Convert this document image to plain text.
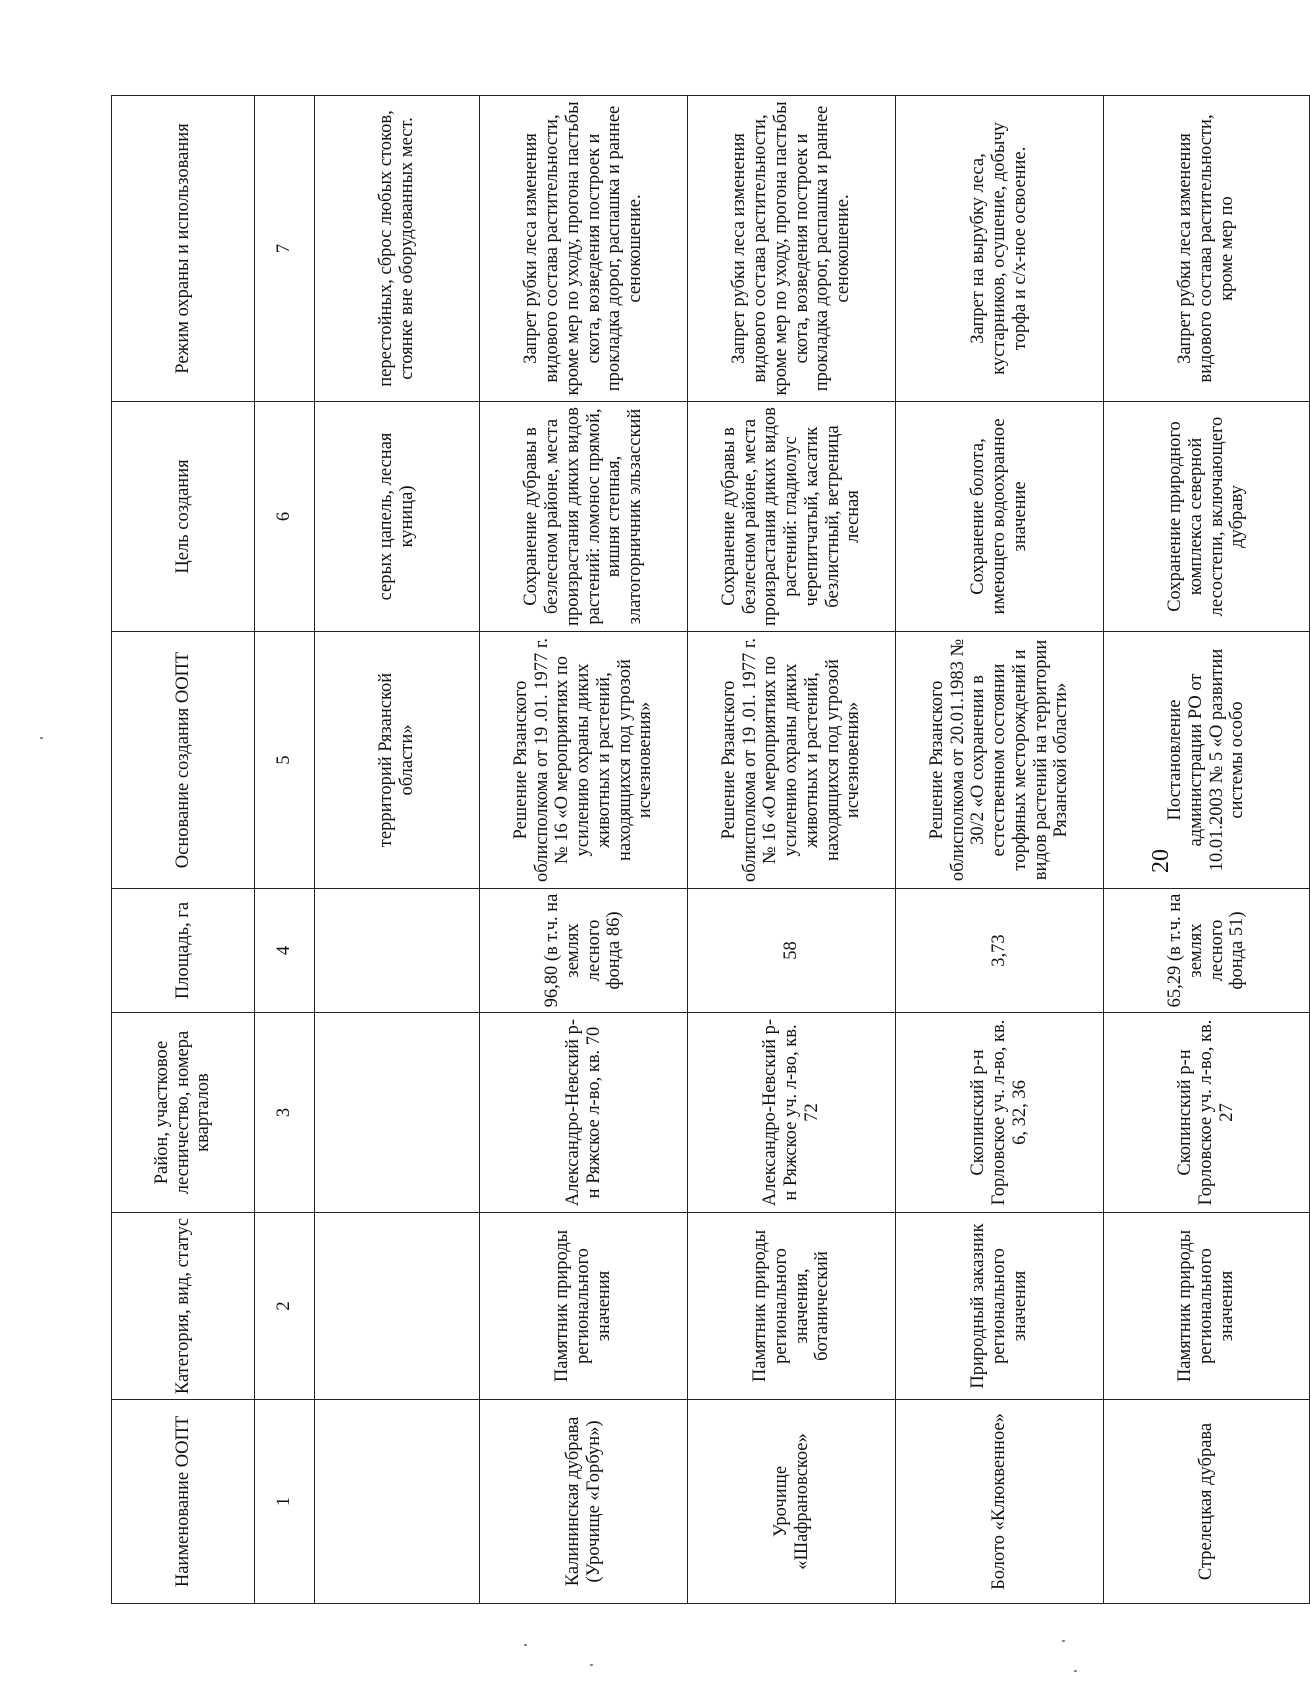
Наименование ООПТ	Категория, вид, статус	Район, участковое лесничество, номера кварталов	Площадь, га	Основание создания ООПТ	Цель создания	Режим охраны и использования
1	2	3	4	5	6	7
				территорий Рязанской области»	серых цапель, лесная куница)	перестойных, сброс любых стоков, стоянке вне оборудованных мест.
Калининская дубрава (Урочище «Горбун»)	Памятник природы регионального значения	Александро-Невский р-н Ряжское л-во, кв. 70	96,80 (в т.ч. на землях лесного фонда 86)	Решение Рязанского облисполкома от 19 .01. 1977 г. № 16 «О мероприятиях по усилению охраны диких животных и растений, находящихся под угрозой исчезновения»	Сохранение дубравы в безлесном районе, места произрастания диких видов растений: ломонос прямой, вишня степная, златогорничник эльзасский	Запрет рубки леса изменения видового состава растительности, кроме мер по уходу, прогона пастьбы скота, возведения построек и прокладка дорог, распашка и раннее сенокошение.
Урочище «Шафрановское»	Памятник природы регионального значения, ботанический	Александро-Невский р-н Ряжское уч. л-во, кв. 72	58	Решение Рязанского облисполкома от 19 .01. 1977 г. № 16 «О мероприятиях по усилению охраны диких животных и растений, находящихся под угрозой исчезновения»	Сохранение дубравы в безлесном районе, места произрастания диких видов растений: гладиолус черепитчатый, касатик безлистный, ветреница лесная	Запрет рубки леса изменения видового состава растительности, кроме мер по уходу, прогона пастьбы скота, возведения построек и прокладка дорог, распашка и раннее сенокошение.
Болото «Клюквенное»	Природный заказник регионального значения	Скопинский р-н Горловское уч. л-во, кв. 6, 32, 36	3,73	Решение Рязанского облисполкома от 20.01.1983 № 30/2 «О сохранении в естественном состоянии торфяных месторождений и видов растений на территории Рязанской области»	Сохранение болота, имеющего водоохранное значение	Запрет на вырубку леса, кустарников, осушение, добычу торфа и с/х-ное освоение.
Стрелецкая дубрава	Памятник природы регионального значения	Скопинский р-н Горловское уч. л-во, кв. 27	65,29 (в т.ч. на землях лесного фонда 51)	Постановление администрации РО от 10.01.2003 № 5 «О развитии системы особо	Сохранение природного комплекса северной лесостепи, включающего дубраву	Запрет рубки леса изменения видового состава растительности, кроме мер по
20
